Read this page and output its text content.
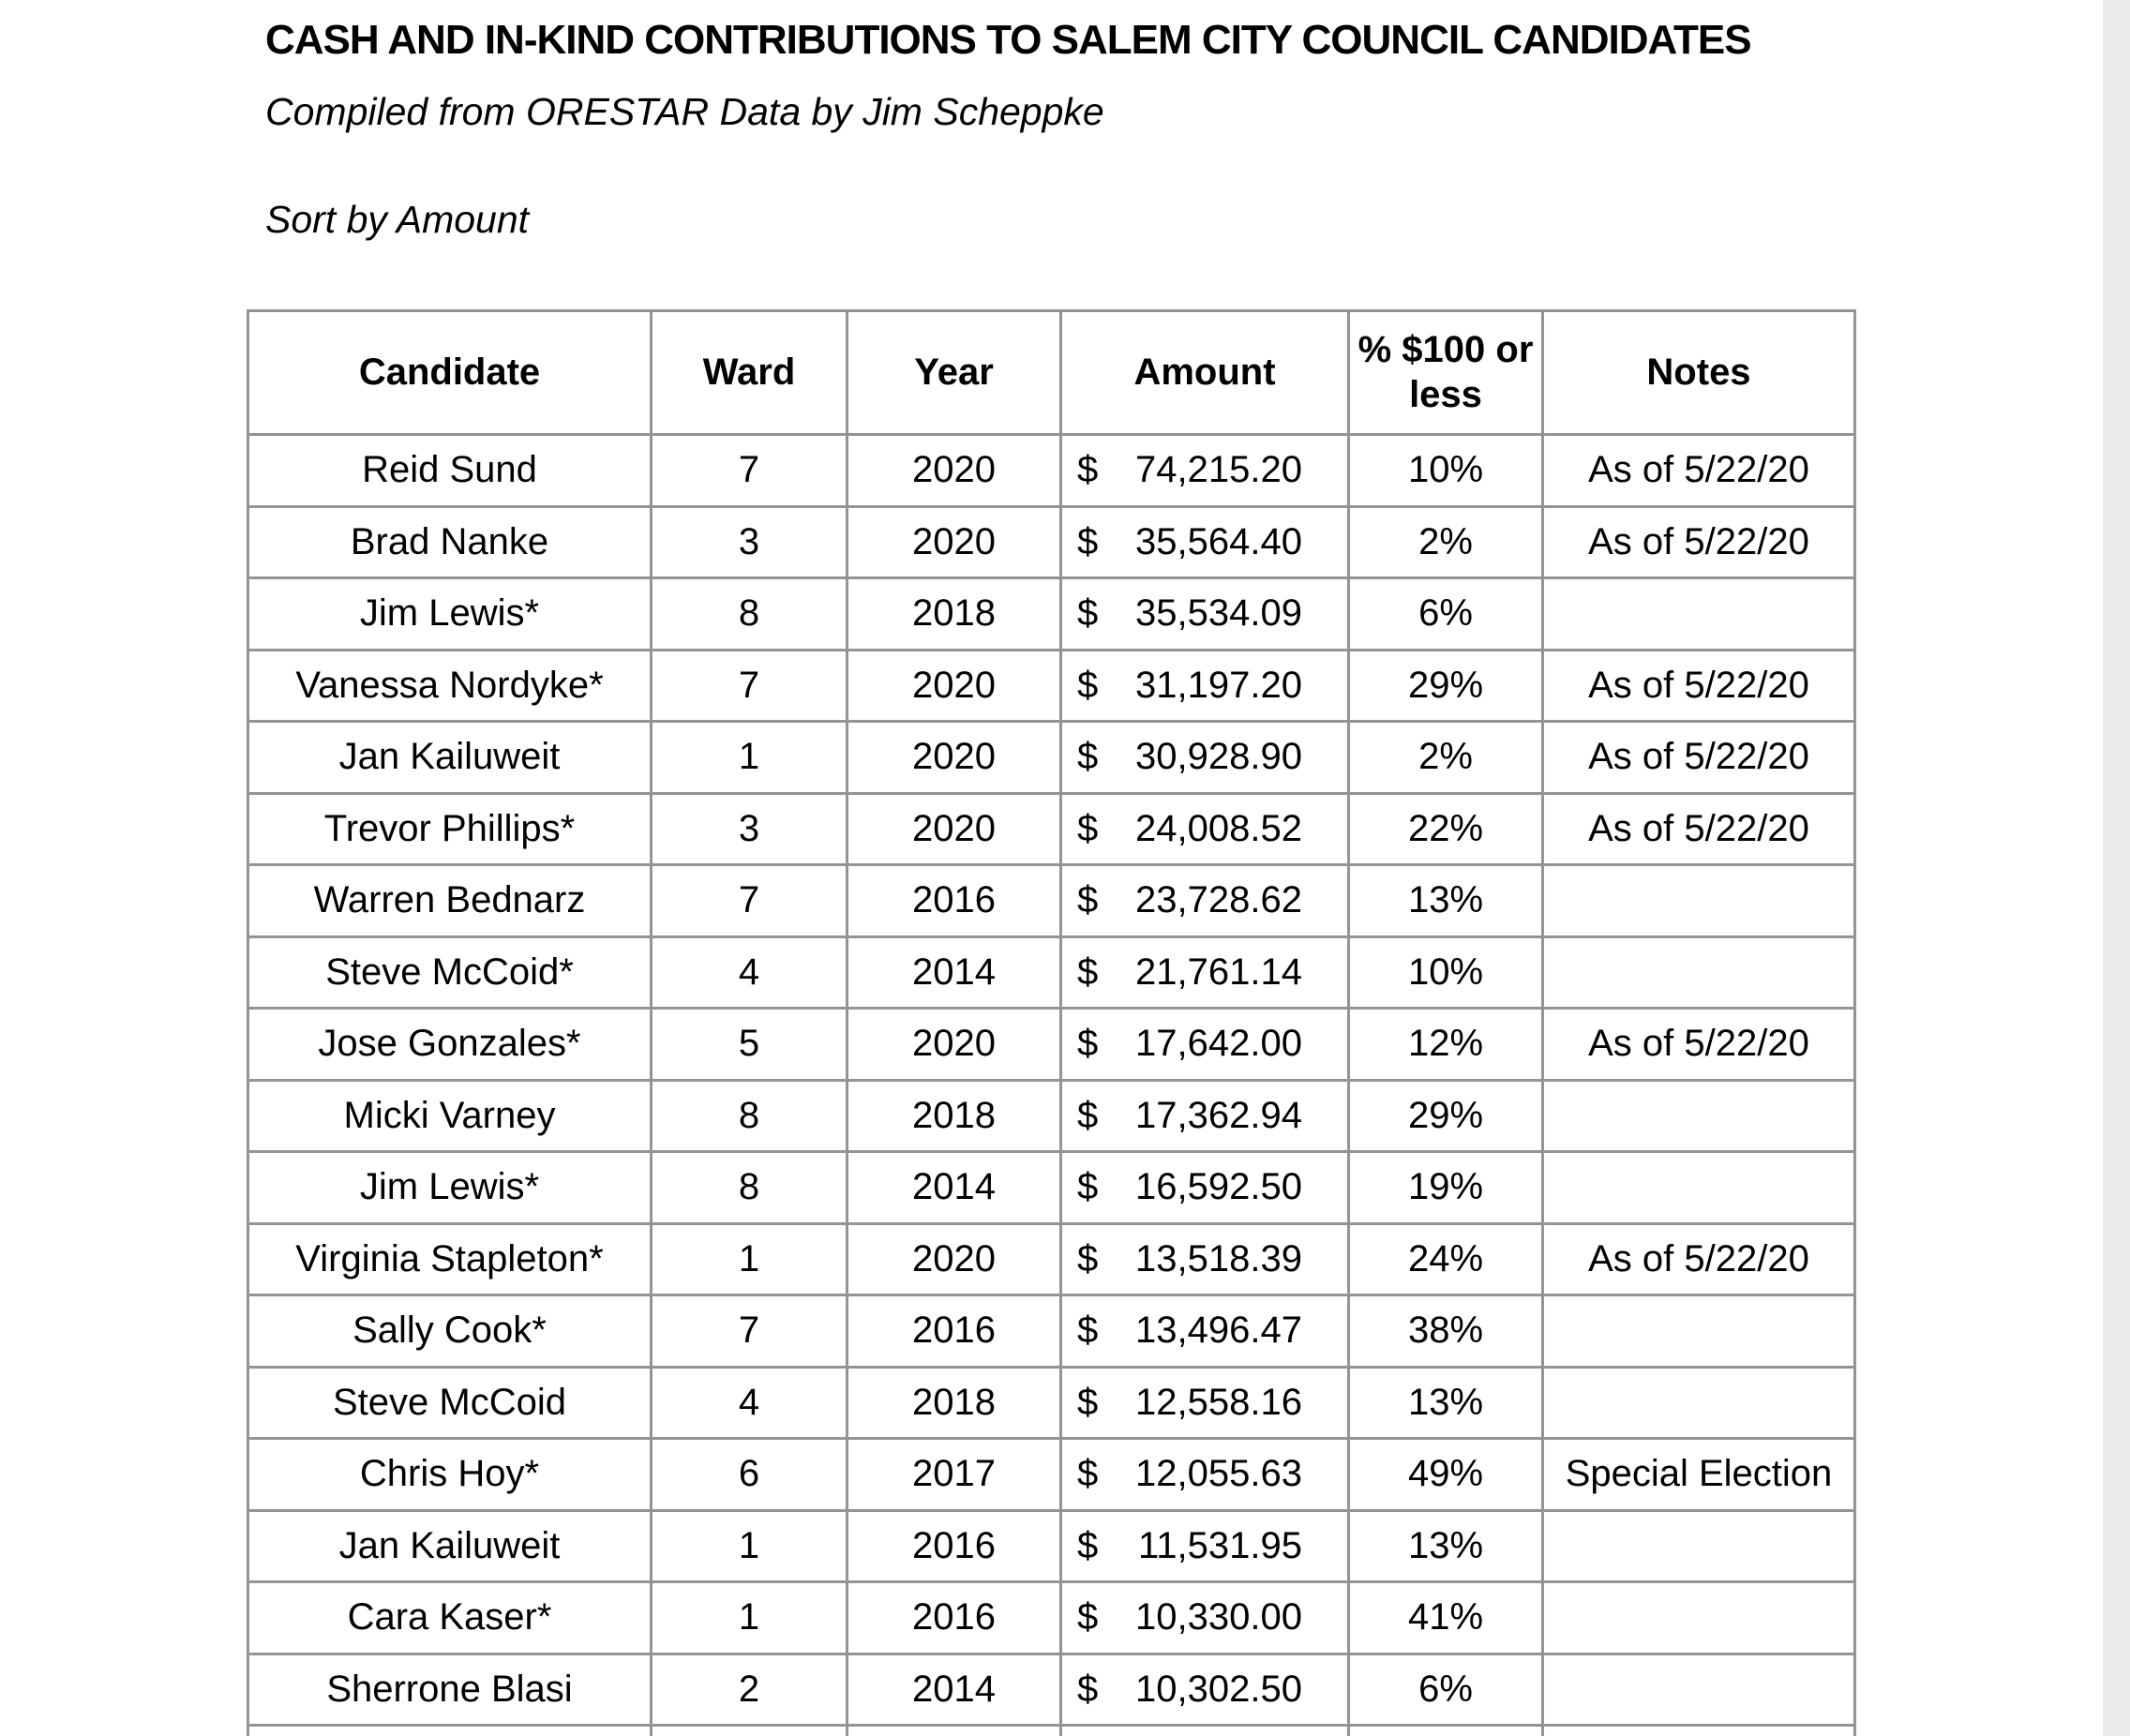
CASH AND IN-KIND CONTRIBUTIONS TO SALEM CITY COUNCIL CANDIDATES
Compiled from ORESTAR Data by Jim Scheppke
Sort by Amount
Candidate	Ward	Year	Amount	% $100 or less	Notes
Reid Sund	7	2020	$ 74,215.20	10%	As of 5/22/20
Brad Nanke	3	2020	$ 35,564.40	2%	As of 5/22/20
Jim Lewis*	8	2018	$ 35,534.09	6%	
Vanessa Nordyke*	7	2020	$ 31,197.20	29%	As of 5/22/20
Jan Kailuweit	1	2020	$ 30,928.90	2%	As of 5/22/20
Trevor Phillips*	3	2020	$ 24,008.52	22%	As of 5/22/20
Warren Bednarz	7	2016	$ 23,728.62	13%	
Steve McCoid*	4	2014	$ 21,761.14	10%	
Jose Gonzales*	5	2020	$ 17,642.00	12%	As of 5/22/20
Micki Varney	8	2018	$ 17,362.94	29%	
Jim Lewis*	8	2014	$ 16,592.50	19%	
Virginia Stapleton*	1	2020	$ 13,518.39	24%	As of 5/22/20
Sally Cook*	7	2016	$ 13,496.47	38%	
Steve McCoid	4	2018	$ 12,558.16	13%	
Chris Hoy*	6	2017	$ 12,055.63	49%	Special Election
Jan Kailuweit	1	2016	$ 11,531.95	13%	
Cara Kaser*	1	2016	$ 10,330.00	41%	
Sherrone Blasi	2	2014	$ 10,302.50	6%	
